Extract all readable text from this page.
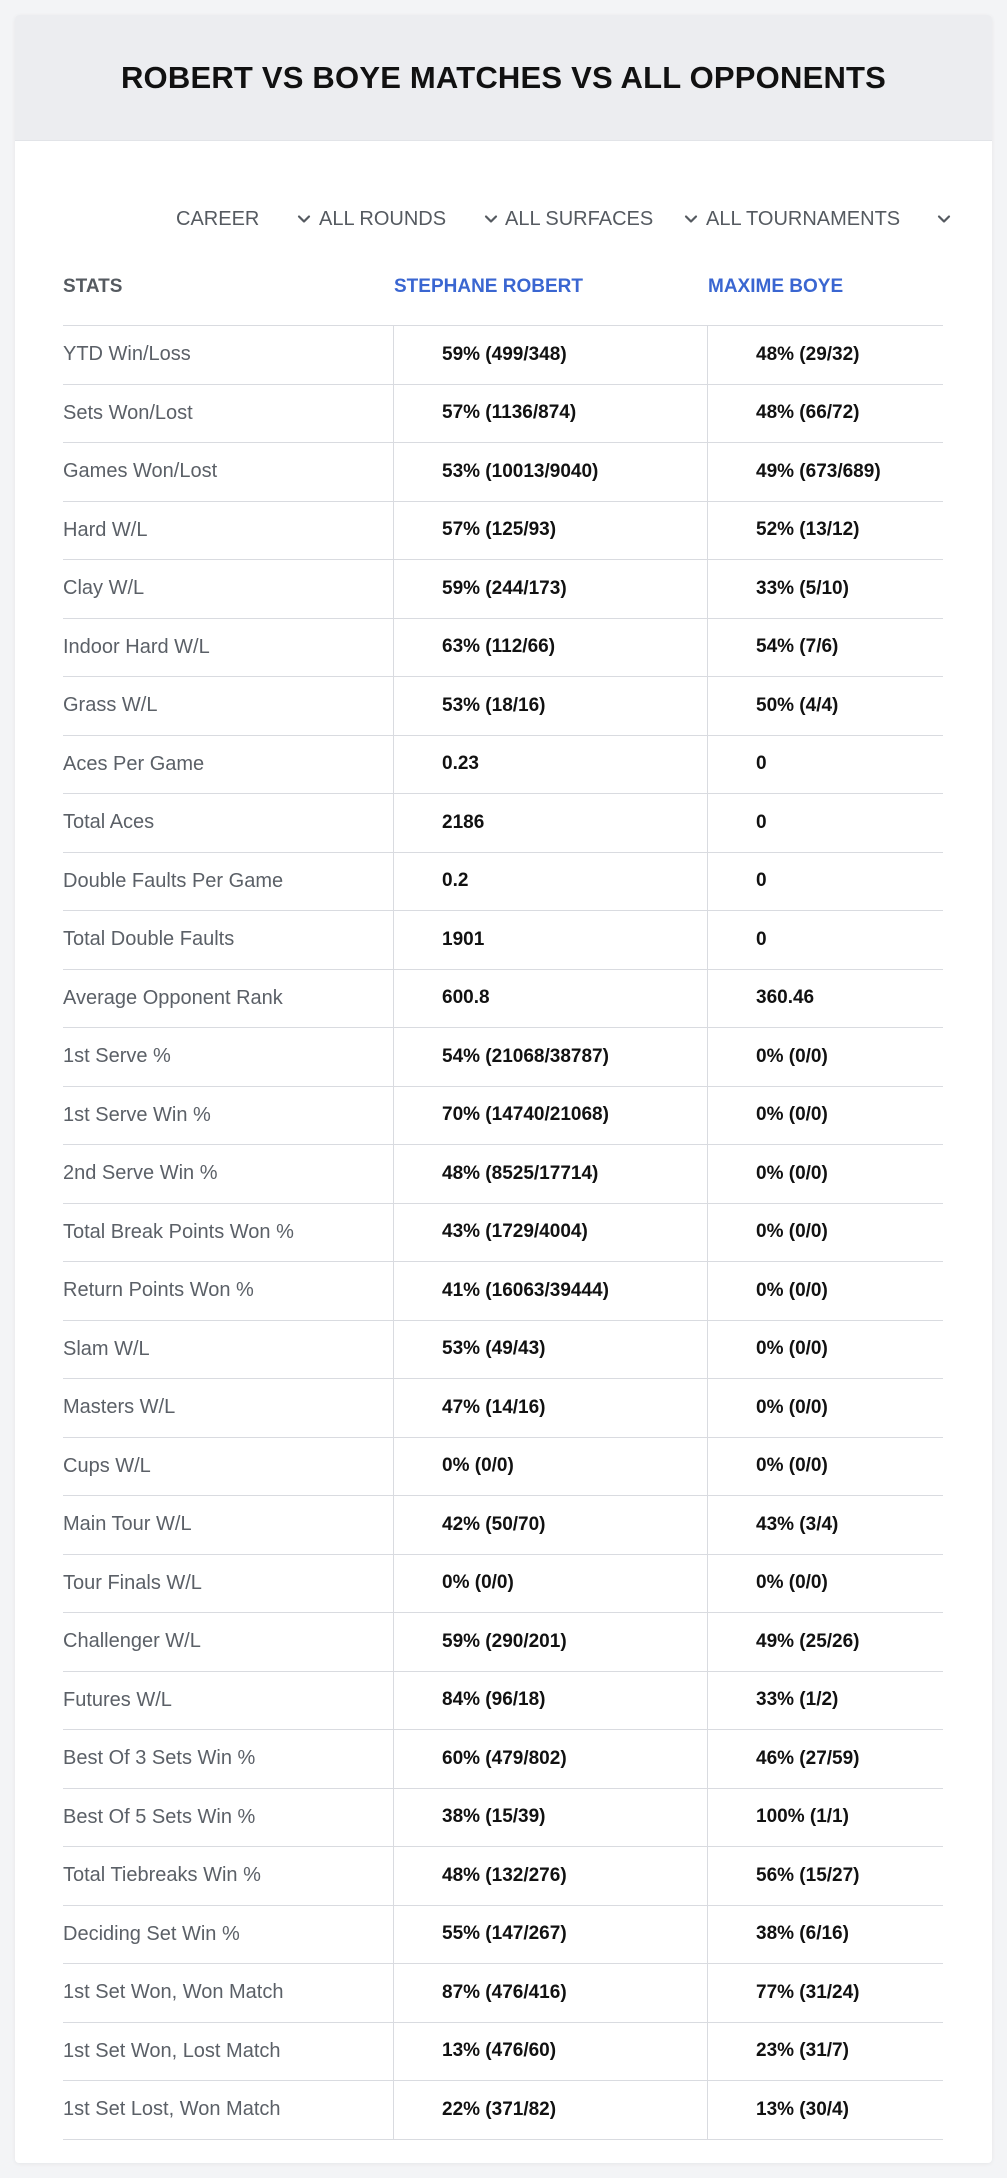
ROBERT VS BOYE MATCHES VS ALL OPPONENTS
CAREER	ALL ROUNDS	ALL SURFACES	ALL TOURNAMENTS
STATS	STEPHANE ROBERT	MAXIME BOYE
YTD Win/Loss	59% (499/348)	48% (29/32)
Sets Won/Lost	57% (1136/874)	48% (66/72)
Games Won/Lost	53% (10013/9040)	49% (673/689)
Hard W/L	57% (125/93)	52% (13/12)
Clay W/L	59% (244/173)	33% (5/10)
Indoor Hard W/L	63% (112/66)	54% (7/6)
Grass W/L	53% (18/16)	50% (4/4)
Aces Per Game	0.23	0
Total Aces	2186	0
Double Faults Per Game	0.2	0
Total Double Faults	1901	0
Average Opponent Rank	600.8	360.46
1st Serve %	54% (21068/38787)	0% (0/0)
1st Serve Win %	70% (14740/21068)	0% (0/0)
2nd Serve Win %	48% (8525/17714)	0% (0/0)
Total Break Points Won %	43% (1729/4004)	0% (0/0)
Return Points Won %	41% (16063/39444)	0% (0/0)
Slam W/L	53% (49/43)	0% (0/0)
Masters W/L	47% (14/16)	0% (0/0)
Cups W/L	0% (0/0)	0% (0/0)
Main Tour W/L	42% (50/70)	43% (3/4)
Tour Finals W/L	0% (0/0)	0% (0/0)
Challenger W/L	59% (290/201)	49% (25/26)
Futures W/L	84% (96/18)	33% (1/2)
Best Of 3 Sets Win %	60% (479/802)	46% (27/59)
Best Of 5 Sets Win %	38% (15/39)	100% (1/1)
Total Tiebreaks Win %	48% (132/276)	56% (15/27)
Deciding Set Win %	55% (147/267)	38% (6/16)
1st Set Won, Won Match	87% (476/416)	77% (31/24)
1st Set Won, Lost Match	13% (476/60)	23% (31/7)
1st Set Lost, Won Match	22% (371/82)	13% (30/4)
